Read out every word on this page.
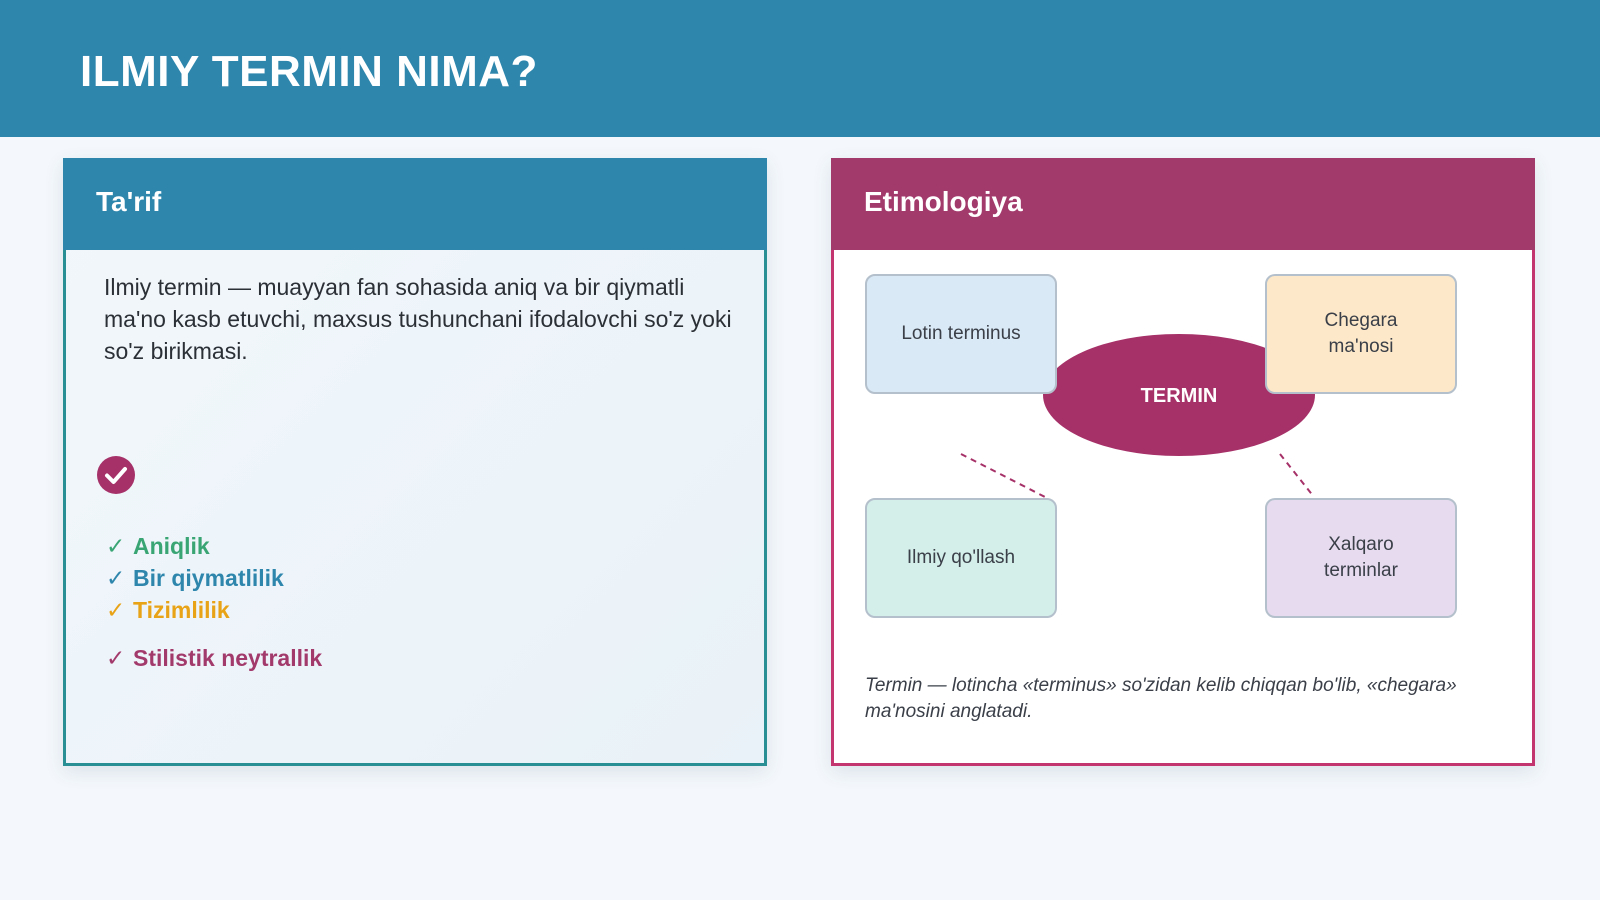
ILMIY TERMIN NIMA?
Ta'rif

Ilmiy termin — muayyan fan sohasida aniq va bir qiymatli ma'no kasb etuvchi, maxsus tushunchani ifodalovchi so'z yoki so'z birikmasi.

✓ Aniqlik
✓ Bir qiymatlilik
✓ Tizimlilik
✓ Stilistik neytrallik
Etimologiya
TERMIN
Lotin terminus
Chegara ma'nosi
Ilmiy qo'llash
Xalqaro terminlar

Termin — lotincha «terminus» so'zidan kelib chiqqan bo'lib, «chegara» ma'nosini anglatadi.
